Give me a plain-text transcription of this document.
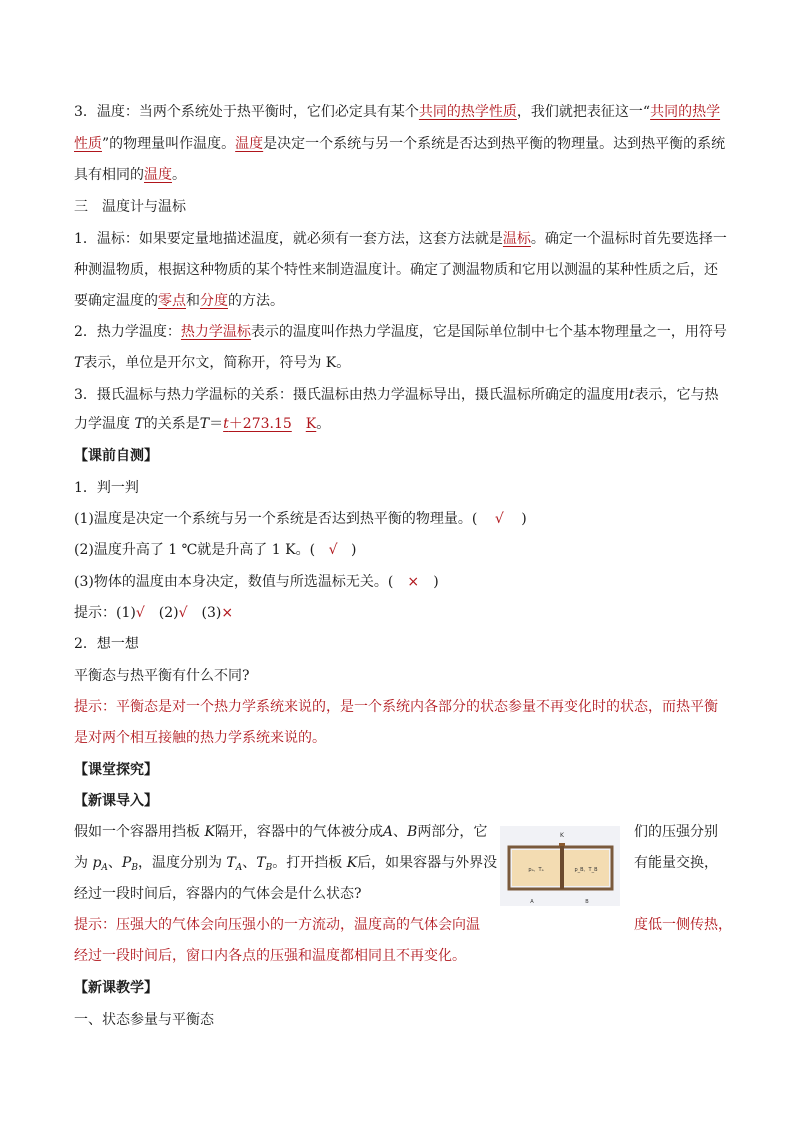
3．温度：当两个系统处于热平衡时，它们必定具有某个共同的热学性质，我们就把表征这一“共同的热学
性质”的物理量叫作温度。温度是决定一个系统与另一个系统是否达到热平衡的物理量。达到热平衡的系统
具有相同的温度。
三　温度计与温标
1．温标：如果要定量地描述温度，就必须有一套方法，这套方法就是温标。确定一个温标时首先要选择一
种测温物质，根据这种物质的某个特性来制造温度计。确定了测温物质和它用以测温的某种性质之后，还
要确定温度的零点和分度的方法。
2．热力学温度：热力学温标表示的温度叫作热力学温度，它是国际单位制中七个基本物理量之一，用符号
T表示，单位是开尔文，简称开，符号为 K。
3．摄氏温标与热力学温标的关系：摄氏温标由热力学温标导出，摄氏温标所确定的温度用t表示，它与热
力学温度 T的关系是T＝t＋273.15 K。
【课前自测】
1．判一判
(1)温度是决定一个系统与另一个系统是否达到热平衡的物理量。( √ )
(2)温度升高了 1 ℃就是升高了 1 K。( √ )
(3)物体的温度由本身决定，数值与所选温标无关。( × )
提示：(1)√ (2)√ (3)×
2．想一想
平衡态与热平衡有什么不同?
提示：平衡态是对一个热力学系统来说的，是一个系统内各部分的状态参量不再变化时的状态，而热平衡
是对两个相互接触的热力学系统来说的。
【课堂探究】
【新课导入】
假如一个容器用挡板 K隔开，容器中的气体被分成A、B两部分，它	们的压强分别
为 $p_A$、$P_B$，温度分别为 $T_A$、$T_B$。打开挡板 K后，如果容器与外界没	有能量交换，
经过一段时间后，容器内的气体会是什么状态?
提示：压强大的气体会向压强小的一方流动，温度高的气体会向温	度低一侧传热，
经过一段时间后，窗口内各点的压强和温度都相同且不再变化。
K
pₐ、Tₐ	p_B、T_B
A	B
【新课教学】
一、状态参量与平衡态
